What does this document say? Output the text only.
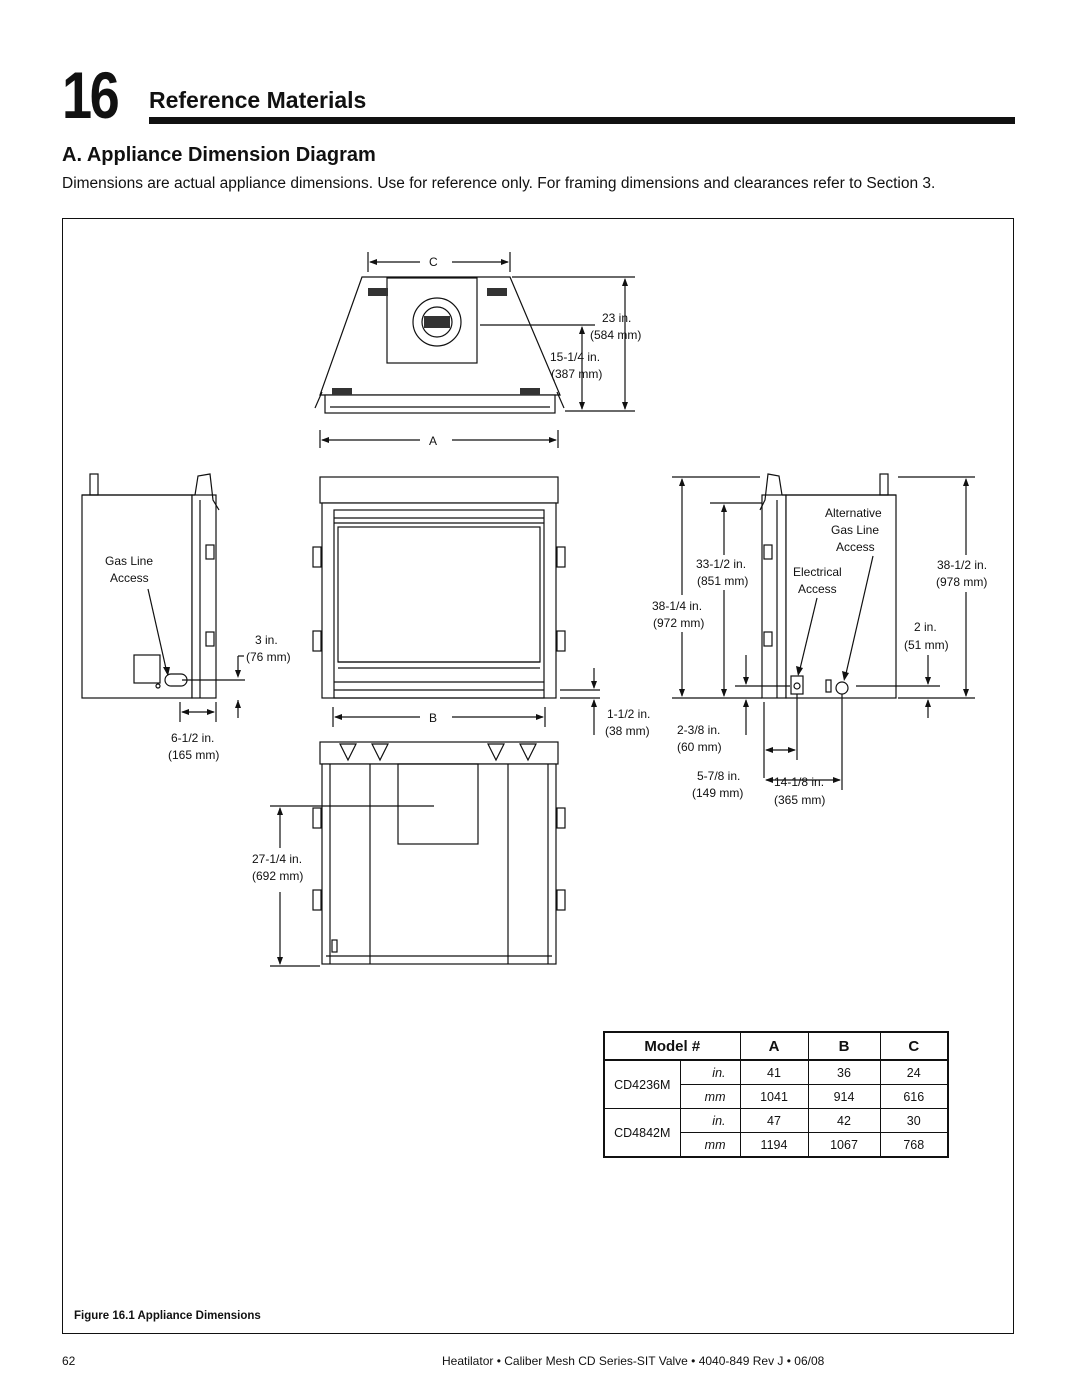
16 Reference Materials
A. Appliance Dimension Diagram
Dimensions are actual appliance dimensions. Use for reference only. For framing dimensions and clearances refer to Section 3.
C
A
23 in.
(584 mm)
15-1/4 in.
(387 mm)
Gas Line
Access
3 in.
(76 mm)
6-1/2 in.
(165 mm)
B	1-1/2 in.
(38 mm)
27-1/4 in.
(692 mm)
Alternative
Gas Line
Access
Electrical
Access
33-1/2 in.
(851 mm)
38-1/4 in.
(972 mm)
38-1/2 in.
(978 mm)
2 in.
(51 mm)
2-3/8 in.
(60 mm)
5-7/8 in.
(149 mm)
14-1/8 in.
(365 mm)
Model #		A	B	C
CD4236M	in.	41	36	24
	mm	1041	914	616
CD4842M	in.	47	42	30
	mm	1194	1067	768
Figure 16.1 Appliance Dimensions
62	Heatilator • Caliber Mesh CD Series-SIT Valve • 4040-849 Rev J • 06/08
